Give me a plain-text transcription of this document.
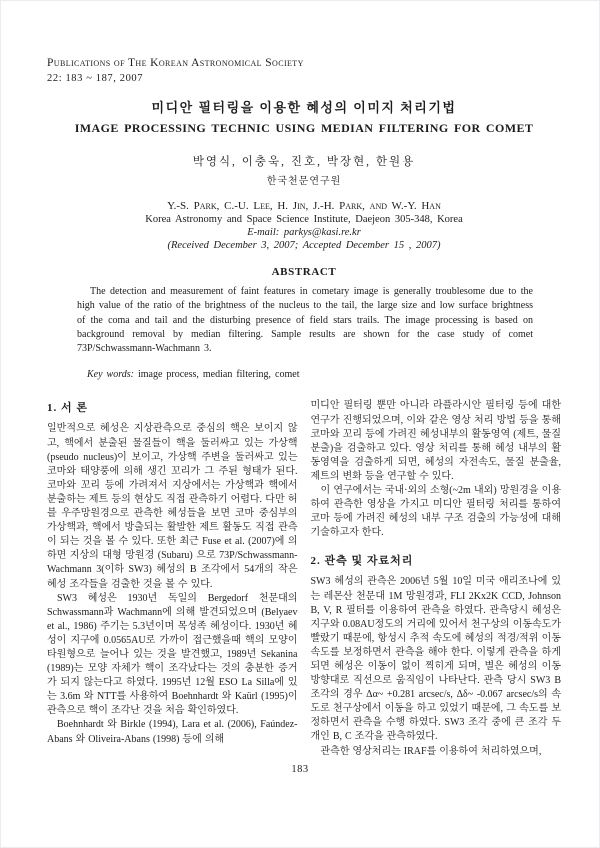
Publications of The Korean Astronomical Society
22: 183 ~ 187, 2007
미디안 필터링을 이용한 혜성의 이미지 처리기법
IMAGE PROCESSING TECHNIC USING MEDIAN FILTERING FOR COMET
박영식, 이충욱, 진호, 박장현, 한원용
한국천문연구원
Y.-S. Park, C.-U. Lee, H. Jin, J.-H. Park, and W.-Y. Han
Korea Astronomy and Space Science Institute, Daejeon 305-348, Korea
E-mail: parkys@kasi.re.kr
(Received December 3, 2007; Accepted December 15 , 2007)
ABSTRACT

The detection and measurement of faint features in cometary image is generally troublesome due to the high value of the ratio of the brightness of the nucleus to the tail, the large size and low surface brightness of the coma and tail and the disturbing presence of field stars trails. The image processing is based on background removal by median filtering. Sample results are shown for the case study of comet 73P/Schwassmann-Wachmann 3.

Key words: image process, median filtering, comet
1. 서 론

일반적으로 혜성은 지상관측으로 중심의 핵은 보이지 않고, 핵에서 분출된 물질들이 핵을 둘러싸고 있는 가상핵(pseudo nucleus)이 보이고, 가상핵 주변을 둘러싸고 있는 코마와 태양풍에 의해 생긴 꼬리가 그 주된 형태가 된다. 코마와 꼬리 등에 가려져서 지상에서는 가상핵과 핵에서 분출하는 제트 등의 현상도 직접 관측하기 어렵다. 다만 허블 우주망원경으로 관측한 혜성들을 보면 코마 중심부의 가상핵과, 핵에서 방출되는 활발한 제트 활동도 직접 관측이 되는 것을 볼 수 있다. 또한 최근 Fuse et al. (2007)에 의하면 지상의 대형 망원경 (Subaru) 으로 73P/Schwassmann-Wachmann 3(이하 SW3) 혜성의 B 조각에서 54개의 작은 혜성 조각들을 검출한 것을 볼 수 있다.

SW3 혜성은 1930년 독일의 Bergedorf 천문대의 Schwassmann과 Wachmann에 의해 발견되었으며 (Belyaev et al., 1986) 주기는 5.3년이며 목성족 혜성이다. 1930년 혜성이 지구에 0.0565AU로 가까이 접근했을때 핵의 모양이 타원형으로 늘어나 있는 것을 발견했고, 1989년 Sekanina (1989)는 모양 자체가 핵이 조각났다는 것의 충분한 증거가 되지 않는다고 하였다. 1995년 12월 ESO La Silla에 있는 3.6m 와 NTT를 사용하여 Boehnhardt 와 Kaürl (1995)이 관측으로 핵이 조각난 것을 처음 확인하였다.

Boehnhardt 와 Birkle (1994), Lara et al. (2006), Faúndez-Abans 와 Oliveira-Abans (1998) 등에 의해

미디안 필터링 뿐만 아니라 라플라시안 필터링 등에 대한 연구가 진행되었으며, 이와 같은 영상 처리 방법 등을 통해 코마와 꼬리 등에 가려진 혜성내부의 활동영역 (제트, 물질 분출)을 검출하고 있다. 영상 처리를 통해 혜성 내부의 활동영역을 검출하게 되면, 혜성의 자전속도, 물질 분출율, 제트의 변화 등을 연구할 수 있다.

이 연구에서는 국내·외의 소형(~2m 내외) 망원경을 이용하여 관측한 영상을 가지고 미디안 필터링 처리를 통하여 코마 등에 가려진 혜성의 내부 구조 검출의 가능성에 대해 기술하고자 한다.

2. 관측 및 자료처리

SW3 혜성의 관측은 2006년 5월 10일 미국 애리조나에 있는 레몬산 천문대 1M 망원경과, FLI 2Kx2K CCD, Johnson B, V, R 필터를 이용하여 관측을 하였다. 관측당시 혜성은 지구와 0.08AU정도의 거리에 있어서 천구상의 이동속도가 빨랐기 때문에, 항성시 추적 속도에 혜성의 적경/적위 이동속도를 보정하면서 관측을 해야 한다. 이렇게 관측을 하게 되면 혜성은 이동이 없이 찍히게 되며, 별은 혜성의 이동 방향대로 직선으로 움직임이 나타난다. 관측 당시 SW3 B 조각의 경우 Δα~ +0.281 arcsec/s, Δδ~ -0.067 arcsec/s의 속도로 천구상에서 이동을 하고 있었기 때문에, 그 속도를 보정하면서 관측을 수행 하였다. SW3 조각 중에 큰 조각 두개인 B, C 조각을 관측하였다.

관측한 영상처리는 IRAF를 이용하여 처리하였으며,

183
